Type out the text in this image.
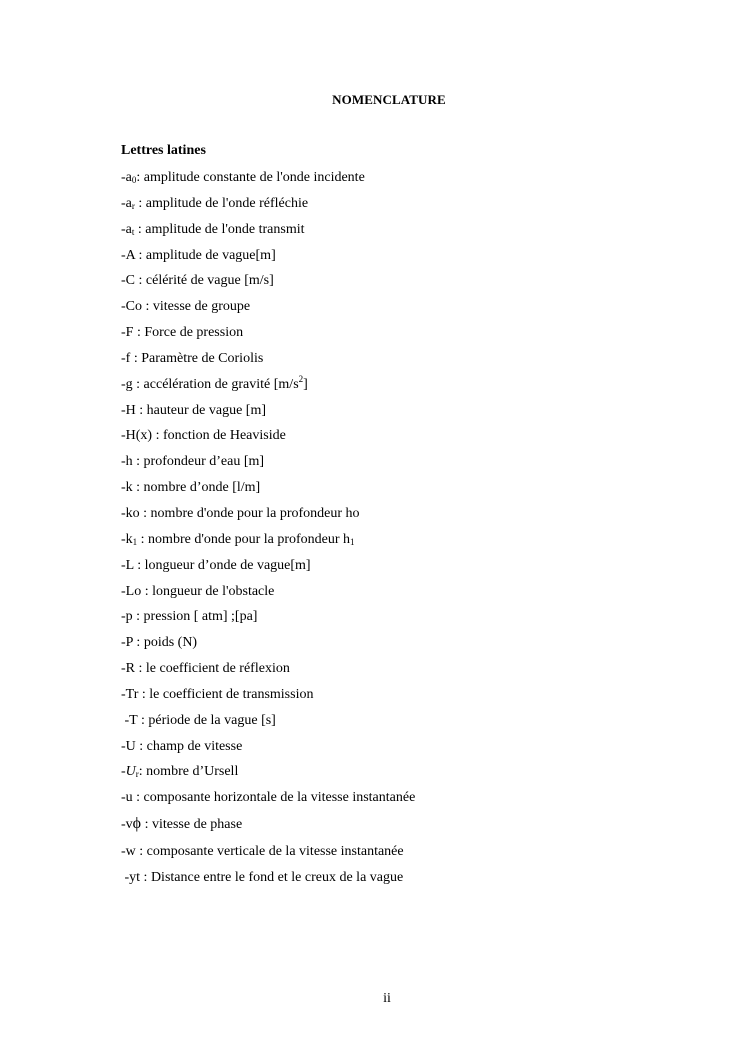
NOMENCLATURE
Lettres latines
$-a_0$: amplitude constante de l'onde incidente
$-a_r$ : amplitude de l'onde réfléchie
$-a_t$ : amplitude de l'onde transmit
-A : amplitude de vague[m]
-C : célérité de vague [m/s]
-Co : vitesse de groupe
-F : Force de pression
-f : Paramètre de Coriolis
-g : accélération de gravité $[m/s^2]$
-H : hauteur de vague [m]
-H(x) : fonction de Heaviside
-h : profondeur d’eau [m]
-k : nombre d’onde [l/m]
-ko : nombre d'onde pour la profondeur ho
$-k_1$ : nombre d'onde pour la profondeur $h_1$
-L : longueur d’onde de vague[m]
-Lo : longueur de l'obstacle
-p : pression [ atm] ;[pa]
-P : poids (N)
-R : le coefficient de réflexion
-Tr : le coefficient de transmission
-T : période de la vague [s]
-U : champ de vitesse
$-U_r$: nombre d’Ursell
-u : composante horizontale de la vitesse instantanée
-vϕ : vitesse de phase
-w : composante verticale de la vitesse instantanée
-yt : Distance entre le fond et le creux de la vague
ii
